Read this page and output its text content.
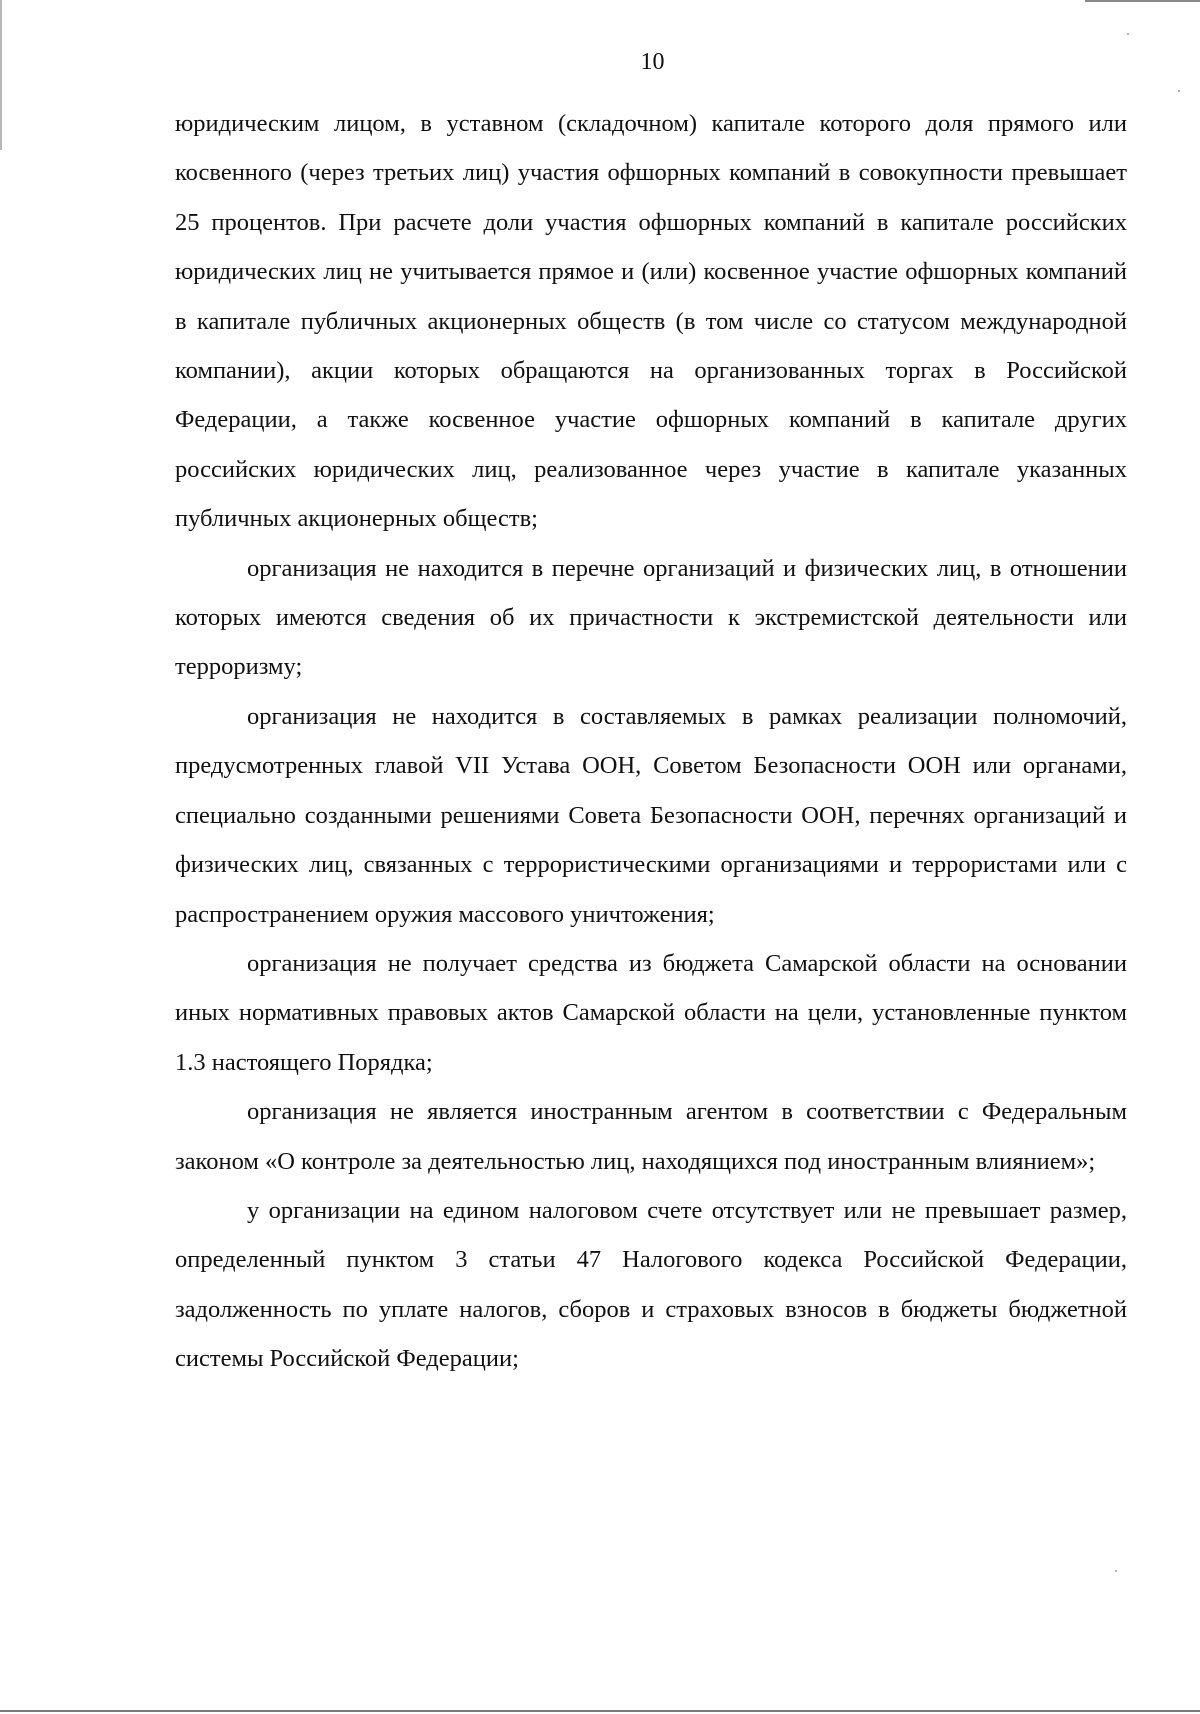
10

юридическим лицом, в уставном (складочном) капитале которого доля прямого или косвенного (через третьих лиц) участия офшорных компаний в совокупности превышает 25 процентов. При расчете доли участия офшорных компаний в капитале российских юридических лиц не учитывается прямое и (или) косвенное участие офшорных компаний в капитале публичных акционерных обществ (в том числе со статусом международной компании), акции которых обращаются на организованных торгах в Российской Федерации, а также косвенное участие офшорных компаний в капитале других российских юридических лиц, реализованное через участие в капитале указанных публичных акционерных обществ;

организация не находится в перечне организаций и физических лиц, в отношении которых имеются сведения об их причастности к экстремистской деятельности или терроризму;

организация не находится в составляемых в рамках реализации полномочий, предусмотренных главой VII Устава ООН, Советом Безопасности ООН или органами, специально созданными решениями Совета Безопасности ООН, перечнях организаций и физических лиц, связанных с террористическими организациями и террористами или с распространением оружия массового уничтожения;

организация не получает средства из бюджета Самарской области на основании иных нормативных правовых актов Самарской области на цели, установленные пунктом 1.3 настоящего Порядка;

организация не является иностранным агентом в соответствии с Федеральным законом «О контроле за деятельностью лиц, находящихся под иностранным влиянием»;

у организации на едином налоговом счете отсутствует или не превышает размер, определенный пунктом 3 статьи 47 Налогового кодекса Российской Федерации, задолженность по уплате налогов, сборов и страховых взносов в бюджеты бюджетной системы Российской Федерации;
